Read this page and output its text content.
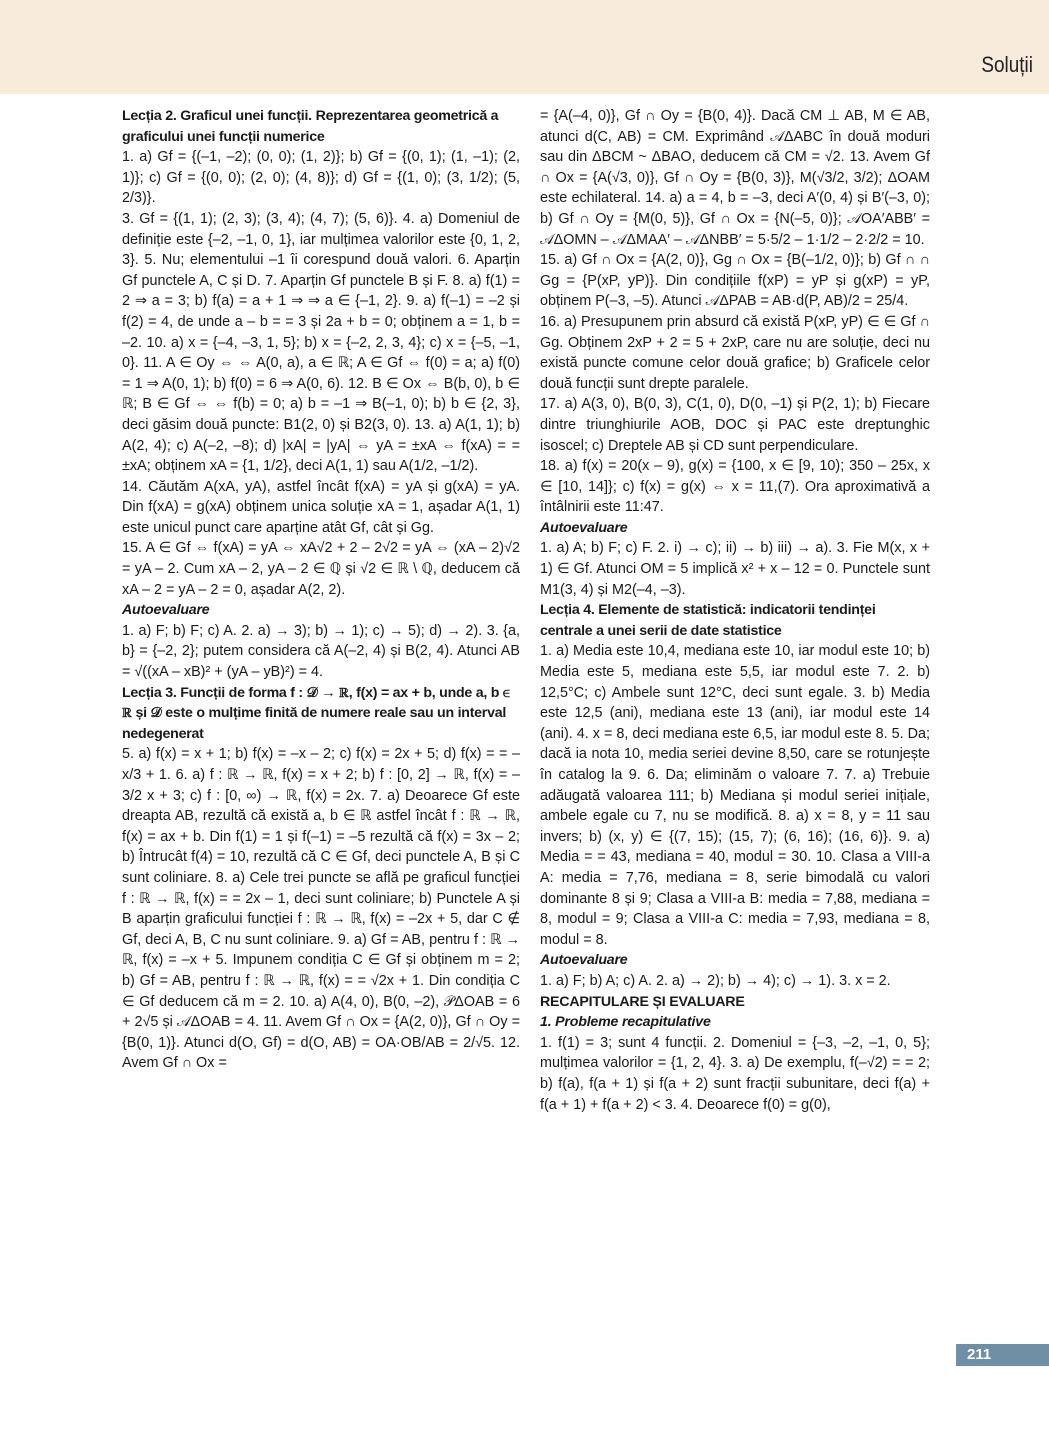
Soluții

Lecția 2. Graficul unei funcții. Reprezentarea geometrică a graficului unei funcții numerice

1. a) Gf = {(–1, –2); (0, 0); (1, 2)}; b) Gf = {(0, 1); (1, –1); (2, 1)}; c) Gf = {(0, 0); (2, 0); (4, 8)}; d) Gf = {(1, 0); (3, 1/2); (5, 2/3)}.

3. Gf = {(1, 1); (2, 3); (3, 4); (4, 7); (5, 6)}. 4. a) Domeniul de definiție este {–2, –1, 0, 1}, iar mulțimea valorilor este {0, 1, 2, 3}. 5. Nu; elementului –1 îi corespund două valori. 6. Aparțin Gf punctele A, C și D. 7. Aparțin Gf punctele B și F. 8. a) f(1) = 2 ⇒ a = 3; b) f(a) = a + 1 ⇒ ⇒ a ∈ {–1, 2}. 9. a) f(–1) = –2 și f(2) = 4, de unde a – b = = 3 și 2a + b = 0; obținem a = 1, b = –2. 10. a) x = {–4, –3, 1, 5}; b) x = {–2, 2, 3, 4}; c) x = {–5, –1, 0}. 11. A ∈ Oy ⇔ ⇔ A(0, a), a ∈ ℝ; A ∈ Gf ⇔ f(0) = a; a) f(0) = 1 ⇒ A(0, 1); b) f(0) = 6 ⇒ A(0, 6). 12. B ∈ Ox ⇔ B(b, 0), b ∈ ℝ; B ∈ Gf ⇔ ⇔ f(b) = 0; a) b = –1 ⇒ B(–1, 0); b) b ∈ {2, 3}, deci găsim două puncte: B1(2, 0) și B2(3, 0). 13. a) A(1, 1); b) A(2, 4); c) A(–2, –8); d) |xA| = |yA| ⇔ yA = ±xA ⇔ f(xA) = = ±xA; obținem xA = {1, 1/2}, deci A(1, 1) sau A(1/2, –1/2).

14. Căutăm A(xA, yA), astfel încât f(xA) = yA și g(xA) = yA. Din f(xA) = g(xA) obținem unica soluție xA = 1, așadar A(1, 1) este unicul punct care aparține atât Gf, cât și Gg.

15. A ∈ Gf ⇔ f(xA) = yA ⇔ xA√2 + 2 – 2√2 = yA ⇔ (xA – 2)√2 = yA – 2. Cum xA – 2, yA – 2 ∈ ℚ și √2 ∈ ℝ \ ℚ, deducem că xA – 2 = yA – 2 = 0, așadar A(2, 2).

Autoevaluare

1. a) F; b) F; c) A. 2. a) → 3); b) → 1); c) → 5); d) → 2). 3. {a, b} = {–2, 2}; putem considera că A(–2, 4) și B(2, 4). Atunci AB = √((xA – xB)² + (yA – yB)²) = 4.

Lecția 3. Funcții de forma f : 𝒟 → ℝ, f(x) = ax + b, unde a, b ∈ ℝ și 𝒟 este o mulțime finită de numere reale sau un interval nedegenerat

5. a) f(x) = x + 1; b) f(x) = –x – 2; c) f(x) = 2x + 5; d) f(x) = = –x/3 + 1. 6. a) f : ℝ → ℝ, f(x) = x + 2; b) f : [0, 2] → ℝ, f(x) = –3/2 x + 3; c) f : [0, ∞) → ℝ, f(x) = 2x. 7. a) Deoarece Gf este dreapta AB, rezultă că există a, b ∈ ℝ astfel încât f : ℝ → ℝ, f(x) = ax + b. Din f(1) = 1 și f(–1) = –5 rezultă că f(x) = 3x – 2; b) Întrucât f(4) = 10, rezultă că C ∈ Gf, deci punctele A, B și C sunt coliniare. 8. a) Cele trei puncte se află pe graficul funcției f : ℝ → ℝ, f(x) = = 2x – 1, deci sunt coliniare; b) Punctele A și B aparțin graficului funcției f : ℝ → ℝ, f(x) = –2x + 5, dar C ∉ Gf, deci A, B, C nu sunt coliniare. 9. a) Gf = AB, pentru f : ℝ → ℝ, f(x) = –x + 5. Impunem condiția C ∈ Gf și obținem m = 2; b) Gf = AB, pentru f : ℝ → ℝ, f(x) = = √2x + 1. Din condiția C ∈ Gf deducem că m = 2. 10. a) A(4, 0), B(0, –2), 𝒫ΔOAB = 6 + 2√5 și 𝒜ΔOAB = 4. 11. Avem Gf ∩ Ox = {A(2, 0)}, Gf ∩ Oy = {B(0, 1)}. Atunci d(O, Gf) = d(O, AB) = OA·OB/AB = 2/√5. 12. Avem Gf ∩ Ox =

= {A(–4, 0)}, Gf ∩ Oy = {B(0, 4)}. Dacă CM ⊥ AB, M ∈ AB, atunci d(C, AB) = CM. Exprimând 𝒜ΔABC în două moduri sau din ΔBCM ~ ΔBAO, deducem că CM = √2. 13. Avem Gf ∩ Ox = {A(√3, 0)}, Gf ∩ Oy = {B(0, 3)}, M(√3/2, 3/2); ΔOAM este echilateral. 14. a) a = 4, b = –3, deci A′(0, 4) și B′(–3, 0); b) Gf ∩ Oy = {M(0, 5)}, Gf ∩ Ox = {N(–5, 0)}; 𝒜OA′ABB′ = 𝒜ΔOMN – 𝒜ΔMAA′ – 𝒜ΔNBB′ = 5·5/2 – 1·1/2 – 2·2/2 = 10.

15. a) Gf ∩ Ox = {A(2, 0)}, Gg ∩ Ox = {B(–1/2, 0)}; b) Gf ∩ ∩ Gg = {P(xP, yP)}. Din condițiile f(xP) = yP și g(xP) = yP, obținem P(–3, –5). Atunci 𝒜ΔPAB = AB·d(P, AB)/2 = 25/4.

16. a) Presupunem prin absurd că există P(xP, yP) ∈ ∈ Gf ∩ Gg. Obținem 2xP + 2 = 5 + 2xP, care nu are soluție, deci nu există puncte comune celor două grafice; b) Graficele celor două funcții sunt drepte paralele.

17. a) A(3, 0), B(0, 3), C(1, 0), D(0, –1) și P(2, 1); b) Fiecare dintre triunghiurile AOB, DOC și PAC este dreptunghic isoscel; c) Dreptele AB și CD sunt perpendiculare.

18. a) f(x) = 20(x – 9), g(x) = {100, x ∈ [9, 10); 350 – 25x, x ∈ [10, 14]}; c) f(x) = g(x) ⇔ x = 11,(7). Ora aproximativă a întâlnirii este 11:47.

Autoevaluare

1. a) A; b) F; c) F. 2. i) → c); ii) → b) iii) → a). 3. Fie M(x, x + 1) ∈ Gf. Atunci OM = 5 implică x² + x – 12 = 0. Punctele sunt M1(3, 4) și M2(–4, –3).

Lecția 4. Elemente de statistică: indicatorii tendinței centrale a unei serii de date statistice

1. a) Media este 10,4, mediana este 10, iar modul este 10; b) Media este 5, mediana este 5,5, iar modul este 7. 2. b) 12,5°C; c) Ambele sunt 12°C, deci sunt egale. 3. b) Media este 12,5 (ani), mediana este 13 (ani), iar modul este 14 (ani). 4. x = 8, deci mediana este 6,5, iar modul este 8. 5. Da; dacă ia nota 10, media seriei devine 8,50, care se rotunjește în catalog la 9. 6. Da; eliminăm o valoare 7. 7. a) Trebuie adăugată valoarea 111; b) Mediana și modul seriei inițiale, ambele egale cu 7, nu se modifică. 8. a) x = 8, y = 11 sau invers; b) (x, y) ∈ {(7, 15); (15, 7); (6, 16); (16, 6)}. 9. a) Media = = 43, mediana = 40, modul = 30. 10. Clasa a VIII-a A: media = 7,76, mediana = 8, serie bimodală cu valori dominante 8 și 9; Clasa a VIII-a B: media = 7,88, mediana = 8, modul = 9; Clasa a VIII-a C: media = 7,93, mediana = 8, modul = 8.

Autoevaluare

1. a) F; b) A; c) A. 2. a) → 2); b) → 4); c) → 1). 3. x = 2.

RECAPITULARE ȘI EVALUARE

1. Probleme recapitulative

1. f(1) = 3; sunt 4 funcții. 2. Domeniul = {–3, –2, –1, 0, 5}; mulțimea valorilor = {1, 2, 4}. 3. a) De exemplu, f(–√2) = = 2; b) f(a), f(a + 1) și f(a + 2) sunt fracții subunitare, deci f(a) + f(a + 1) + f(a + 2) < 3. 4. Deoarece f(0) = g(0),

211
